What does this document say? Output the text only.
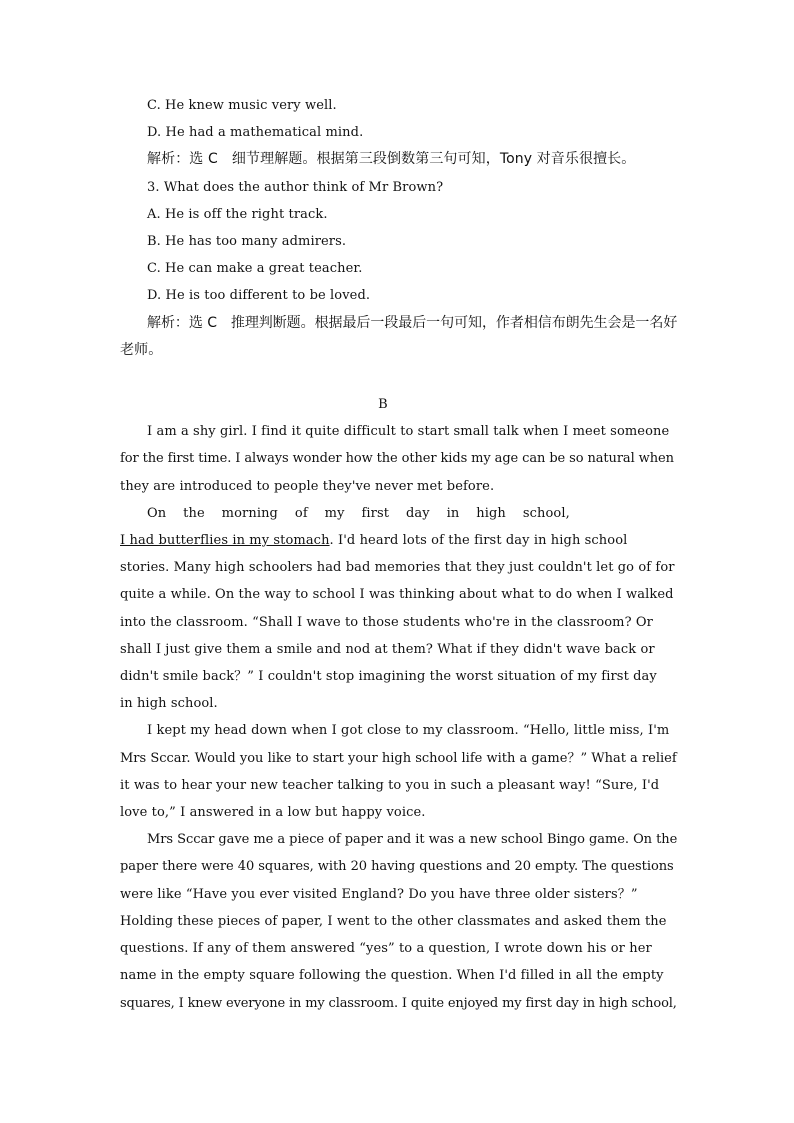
C. He knew music very well.
D. He had a mathematical mind.
解析：选 C　细节理解题。根据第三段倒数第三句可知，Tony 对音乐很擅长。
3. What does the author think of Mr Brown?
A. He is off the right track.
B. He has too many admirers.
C. He can make a great teacher.
D. He is too different to be loved.
解析：选 C　推理判断题。根据最后一段最后一句可知，作者相信布朗先生会是一名好
老师。
B
I am a shy girl. I find it quite difficult to start small talk when I meet someone
for the first time. I always wonder how the other kids my age can be so natural when
they are introduced to people they've never met before.
On    the    morning    of    my    first    day    in    high    school,
I had butterflies in my stomach. I'd heard lots of the first day in high school
stories. Many high schoolers had bad memories that they just couldn't let go of for
quite a while. On the way to school I was thinking about what to do when I walked
into the classroom. “Shall I wave to those students who're in the classroom? Or
shall I just give them a smile and nod at them? What if they didn't wave back or
didn't smile back？” I couldn't stop imagining the worst situation of my first day
in high school.
I kept my head down when I got close to my classroom. “Hello, little miss, I'm
Mrs Sccar. Would you like to start your high school life with a game？” What a relief
it was to hear your new teacher talking to you in such a pleasant way! “Sure, I'd
love to,” I answered in a low but happy voice.
Mrs Sccar gave me a piece of paper and it was a new school Bingo game. On the
paper there were 40 squares, with 20 having questions and 20 empty. The questions
were like “Have you ever visited England? Do you have three older sisters？”
Holding these pieces of paper, I went to the other classmates and asked them the
questions. If any of them answered “yes” to a question, I wrote down his or her
name in the empty square following the question. When I'd filled in all the empty
squares, I knew everyone in my classroom. I quite enjoyed my first day in high school,
